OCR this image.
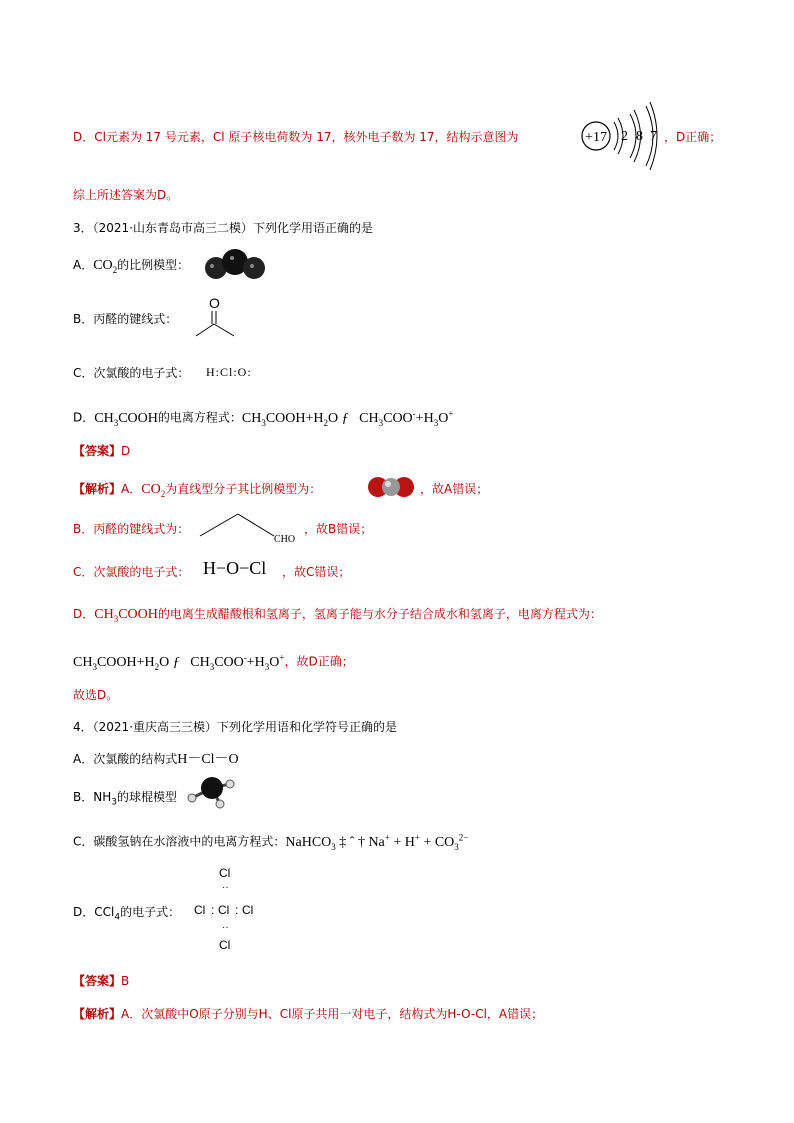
D．Cl元素为 17 号元素，Cl 原子核电荷数为 17，核外电子数为 17，结构示意图为	+17 2 8 7 ，D正确；
综上所述答案为D。
3．（2021·山东青岛市高三二模）下列化学用语正确的是
A．$CO_2$的比例模型：
B．丙醛的键线式：
O
C．次氯酸的电子式： H:Cl:O:
D．$CH_3COOH$的电离方程式：$CH_3COOH+H_2O$ ƒ   $CH_3COO^-+H_3O^+$
【答案】D
【解析】A．$CO_2$为直线型分子其比例模型为：	，故A错误；
B．丙醛的键线式为：
CHO
，故B错误；
C．次氯酸的电子式： H−O−Cl ，故C错误；
D．$CH_3COOH$的电离生成醋酸根和氢离子，氢离子能与水分子结合成水和氢离子，电离方程式为：
$CH_3COOH+H_2O$ ƒ   $CH_3COO^-+H_3O^+$，故D正确；
故选D。
4．（2021·重庆高三三模）下列化学用语和化学符号正确的是
A．次氯酸的结构式H－Cl－O
B．$NH_3$的球棍模型
C．碳酸氢钠在水溶液中的电离方程式：NaHCO$_3$ ‡ ˆ † $Na^+ + H^+ + CO_3^{2-}$
D．CCl$_4$的电子式：
Cl
··
Cl : Cl : Cl
··
Cl
【答案】B
【解析】A．次氯酸中O原子分别与H、Cl原子共用一对电子，结构式为H-O-Cl，A错误；
